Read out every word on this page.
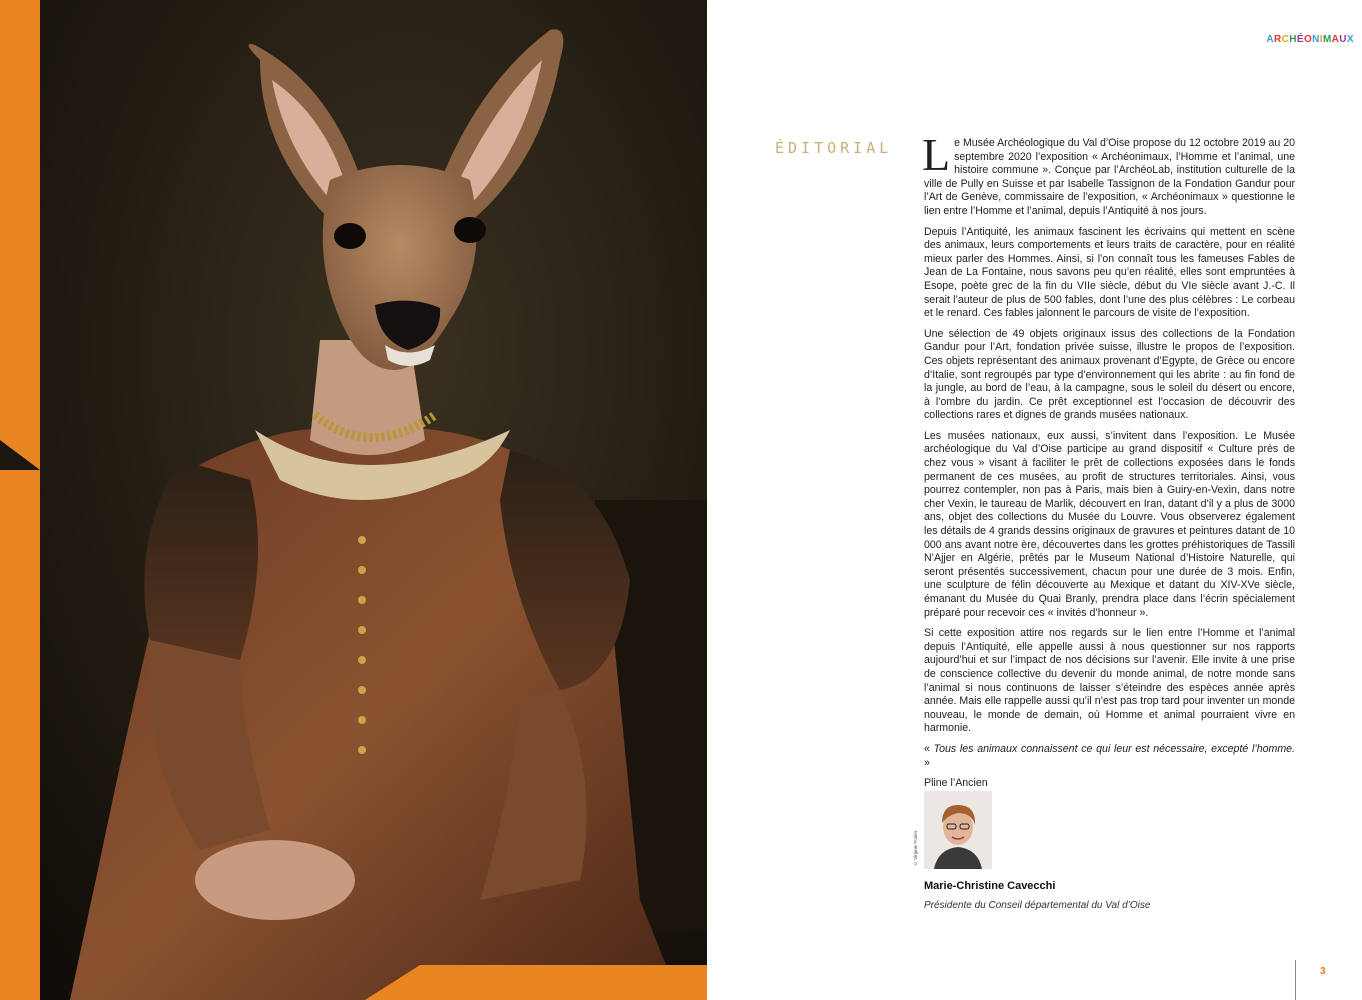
ARCHÉONIMAUX
ÉDITORIAL Le Musée Archéologique du Val d’Oise propose du 12 octobre 2019 au 20 septembre 2020 l’exposition « Archéonimaux, l’Homme et l’animal, une histoire commune ». Conçue par l’ArchéoLab, institution culturelle de la ville de Pully en Suisse et par Isabelle Tassignon de la Fondation Gandur pour l’Art de Genève, commissaire de l’exposition, « Archéonimaux » questionne le lien entre l’Homme et l’animal, depuis l’Antiquité à nos jours.

Depuis l’Antiquité, les animaux fascinent les écrivains qui mettent en scène des animaux, leurs comportements et leurs traits de caractère, pour en réalité mieux parler des Hommes. Ainsi, si l’on connaît tous les fameuses Fables de Jean de La Fontaine, nous savons peu qu’en réalité, elles sont empruntées à Esope, poète grec de la fin du VIIe siècle, début du VIe siècle avant J.-C. Il serait l’auteur de plus de 500 fables, dont l’une des plus célèbres : Le corbeau et le renard. Ces fables jalonnent le parcours de visite de l’exposition.

Une sélection de 49 objets originaux issus des collections de la Fondation Gandur pour l’Art, fondation privée suisse, illustre le propos de l’exposition. Ces objets représentant des animaux provenant d’Egypte, de Grèce ou encore d’Italie, sont regroupés par type d’environnement qui les abrite : au fin fond de la jungle, au bord de l’eau, à la campagne, sous le soleil du désert ou encore, à l’ombre du jardin. Ce prêt exceptionnel est l’occasion de découvrir des collections rares et dignes de grands musées nationaux.

Les musées nationaux, eux aussi, s’invitent dans l’exposition. Le Musée archéologique du Val d’Oise participe au grand dispositif « Culture près de chez vous » visant à faciliter le prêt de collections exposées dans le fonds permanent de ces musées, au profit de structures territoriales. Ainsi, vous pourrez contempler, non pas à Paris, mais bien à Guiry-en-Vexin, dans notre cher Vexin, le taureau de Marlik, découvert en Iran, datant d’il y a plus de 3000 ans, objet des collections du Musée du Louvre. Vous observerez également les détails de 4 grands dessins originaux de gravures et peintures datant de 10 000 ans avant notre ère, découvertes dans les grottes préhistoriques de Tassili N’Ajjer en Algérie, prêtés par le Museum National d’Histoire Naturelle, qui seront présentés successivement, chacun pour une durée de 3 mois. Enfin, une sculpture de félin découverte au Mexique et datant du XIV-XVe siècle, émanant du Musée du Quai Branly, prendra place dans l’écrin spécialement préparé pour recevoir ces « invités d’honneur ».

Si cette exposition attire nos regards sur le lien entre l’Homme et l’animal depuis l’Antiquité, elle appelle aussi à nous questionner sur nos rapports aujourd’hui et sur l’impact de nos décisions sur l’avenir. Elle invite à une prise de conscience collective du devenir du monde animal, de notre monde sans l’animal si nous continuons de laisser s’éteindre des espèces année après année. Mais elle rappelle aussi qu’il n’est pas trop tard pour inventer un monde nouveau, le monde de demain, où Homme et animal pourraient vivre en harmonie.

« Tous les animaux connaissent ce qui leur est nécessaire, excepté l’homme. »

Pline l’Ancien

© Virginie Poirier
Marie-Christine Cavecchi
Présidente du Conseil départemental du Val d’Oise
3
